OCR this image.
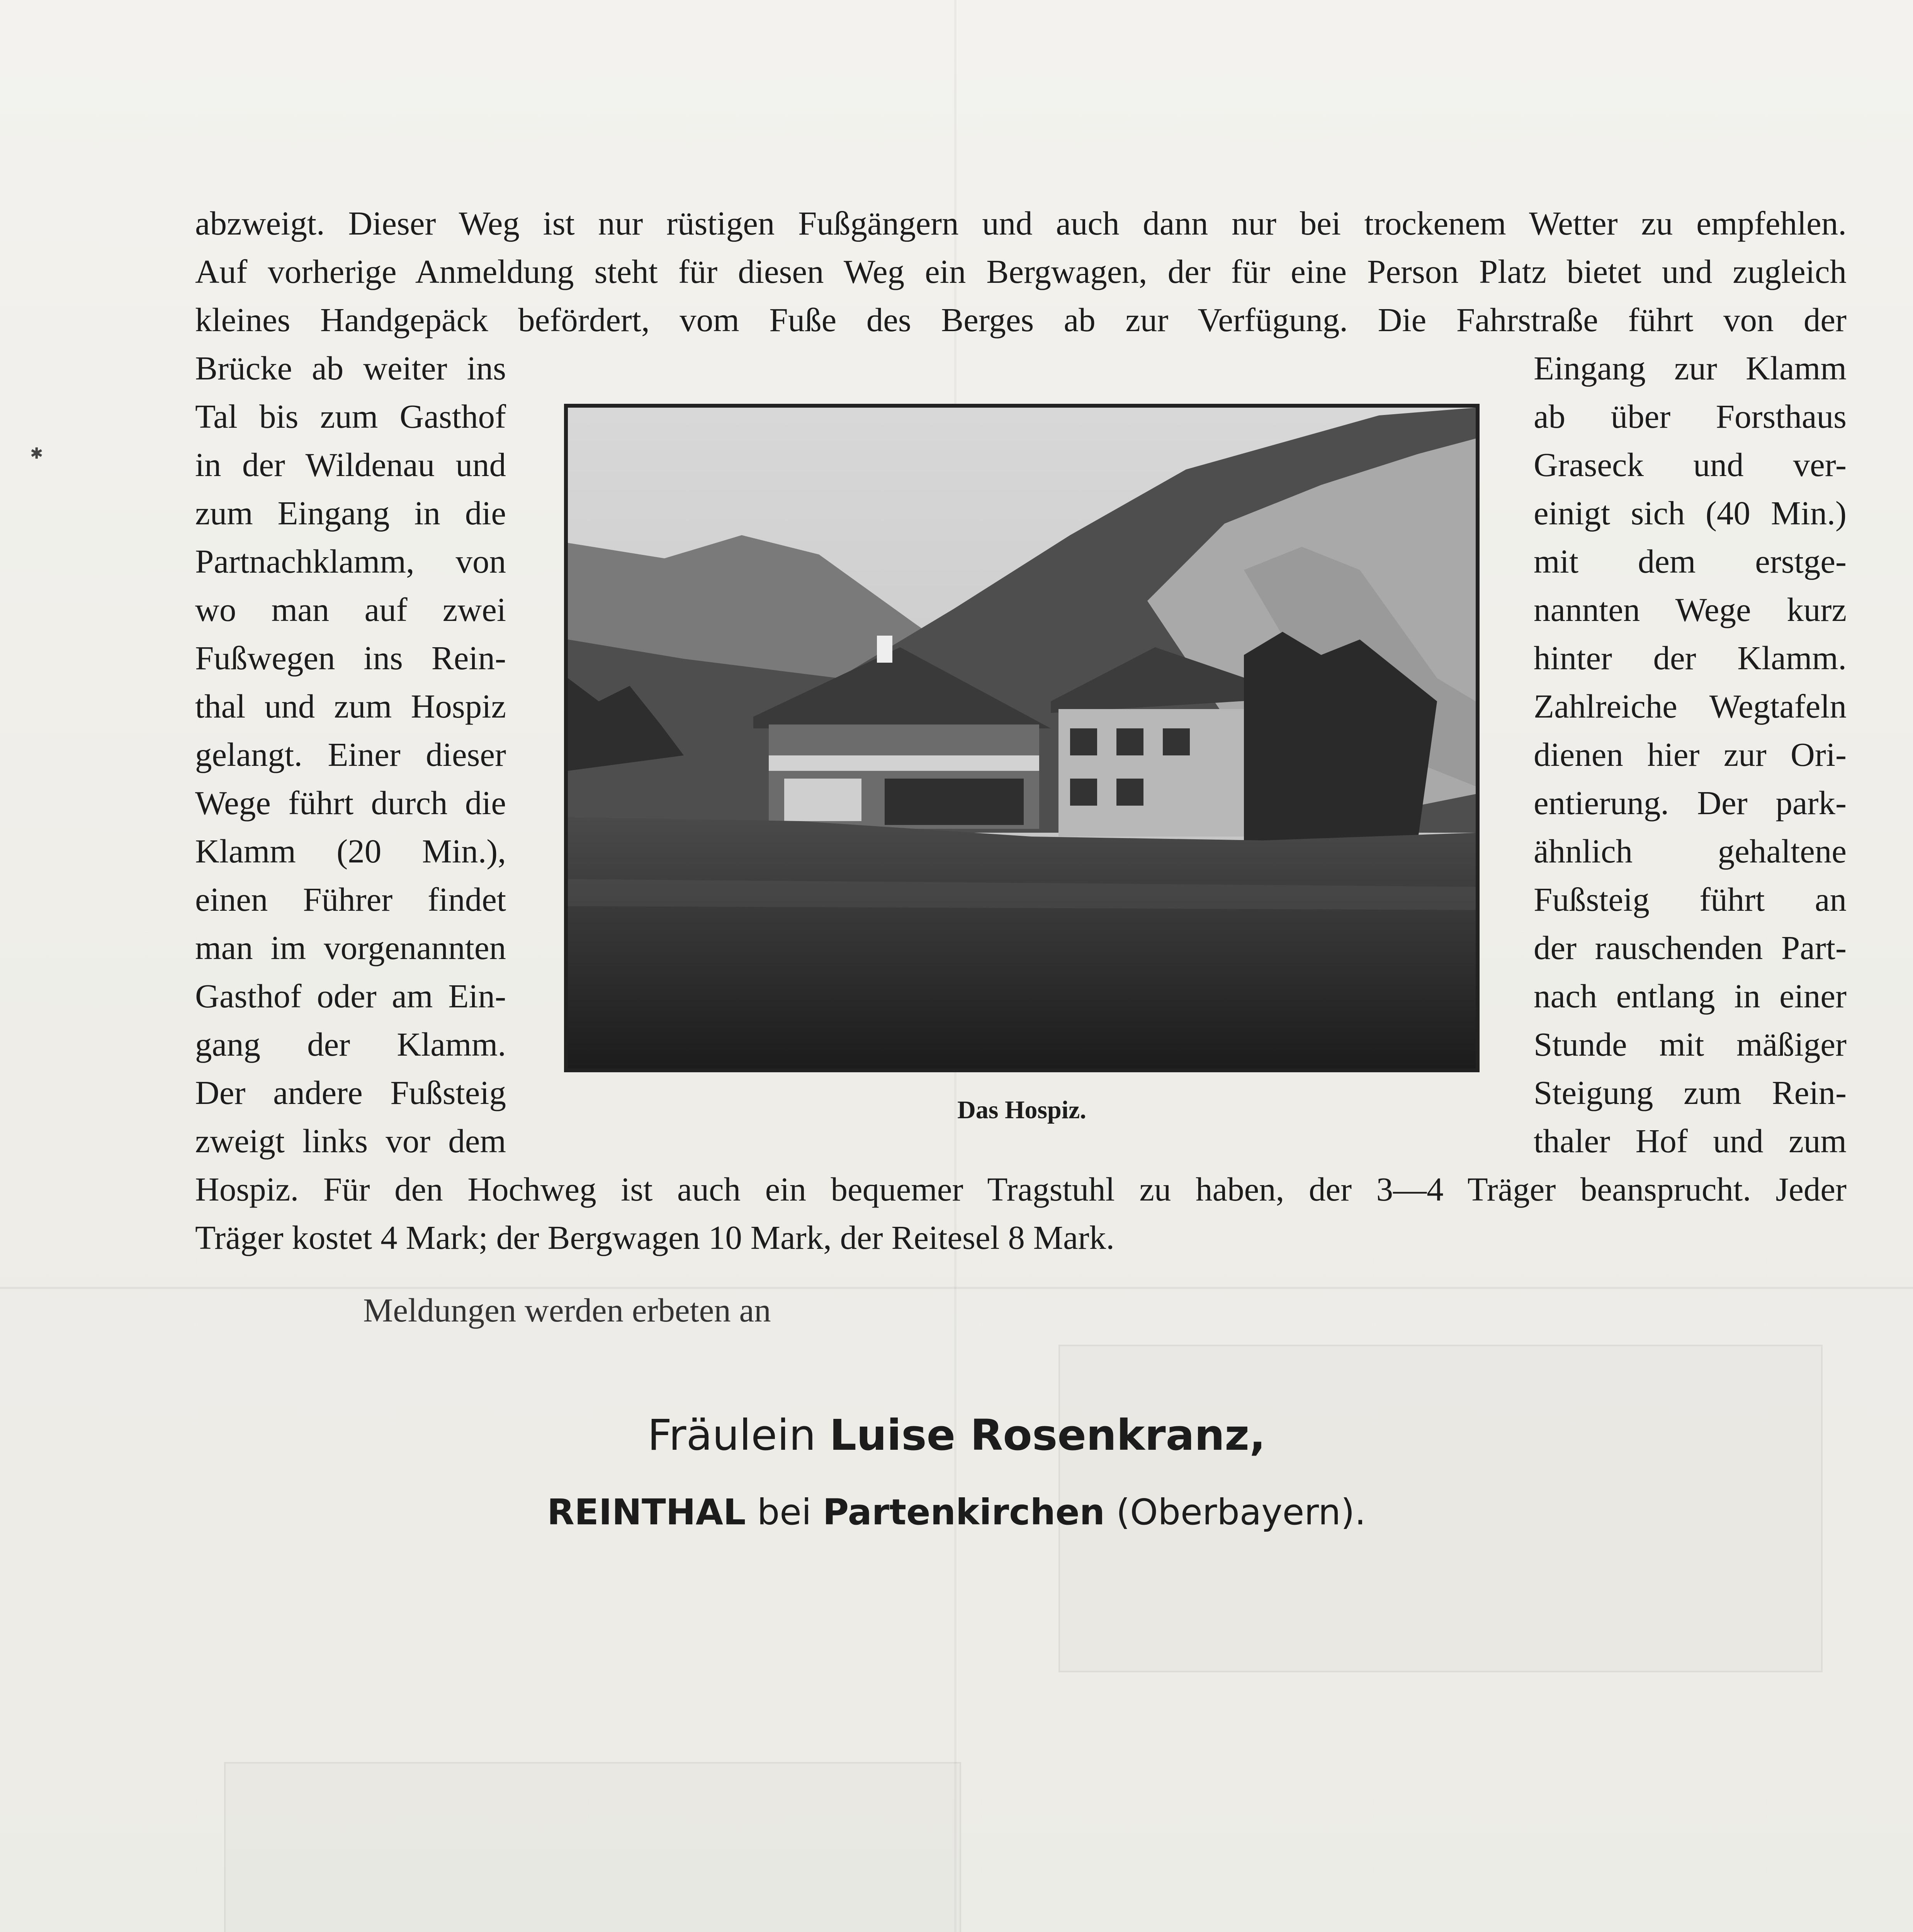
✱
abzweigt. Dieser Weg ist nur rüstigen Fußgängern und auch dann nur bei trockenem Wetter zu empfehlen.
Auf vorherige Anmeldung steht für diesen Weg ein Bergwagen, der für eine Person Platz bietet und zugleich
kleines Handgepäck befördert, vom Fuße des Berges ab zur Verfügung. Die Fahrstraße führt von der
Brücke ab weiter ins
Tal bis zum Gasthof
in der Wildenau und
zum Eingang in die
Partnachklamm, von
wo man auf zwei
Fußwegen ins Rein-
thal und zum Hospiz
gelangt. Einer dieser
Wege führt durch die
Klamm (20 Min.),
einen Führer findet
man im vorgenannten
Gasthof oder am Ein-
gang der Klamm.
Der andere Fußsteig
zweigt links vor dem
Eingang zur Klamm
ab über Forsthaus
Graseck und ver-
einigt sich (40 Min.)
mit dem erstge-
nannten Wege kurz
hinter der Klamm.
Zahlreiche Wegtafeln
dienen hier zur Ori-
entierung. Der park-
ähnlich gehaltene
Fußsteig führt an
der rauschenden Part-
nach entlang in einer
Stunde mit mäßiger
Steigung zum Rein-
thaler Hof und zum
Das Hospiz.
Hospiz. Für den Hochweg ist auch ein bequemer Tragstuhl zu haben, der 3—4 Träger beansprucht. Jeder
Träger kostet 4 Mark; der Bergwagen 10 Mark, der Reitesel 8 Mark.
Meldungen werden erbeten an
Fräulein Luise Rosenkranz,
REINTHAL bei Partenkirchen (Oberbayern).
